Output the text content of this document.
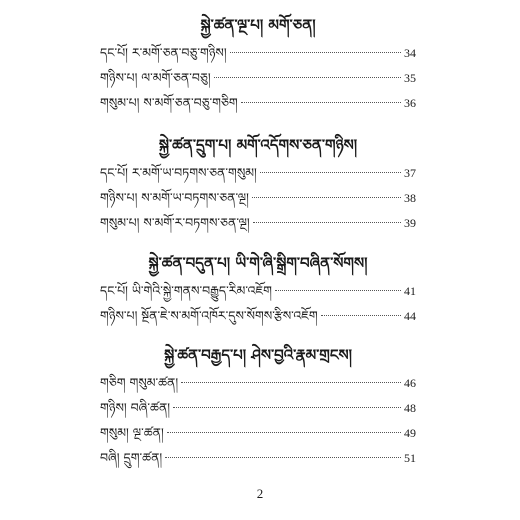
སྐྱེ་ཚན་ལྔ་པ། མགོ་ཅན།
དང་པོ། ར་མགོ་ཅན་བཅུ་གཉིས།	34
གཉིས་པ། ལ་མགོ་ཅན་བཅུ།	35
གསུམ་པ། ས་མགོ་ཅན་བཅུ་གཅིག	36
སྐྱེ་ཚན་དྲུག་པ། མགོ་འདོགས་ཅན་གཉིས།
དང་པོ། ར་མགོ་ཡ་བཏགས་ཅན་གསུམ།	37
གཉིས་པ། ས་མགོ་ཡ་བཏགས་ཅན་ལྔ།	38
གསུམ་པ། ས་མགོ་ར་བཏགས་ཅན་ལྔ།	39
སྐྱེ་ཚན་བདུན་པ། ཡི་གེ་ཞི་སྒྲིག་བཞིན་སོགས།
དང་པོ། ཡི་གེའི་སྐྱེ་གནས་བརྒྱུད་རིམ་འཇོག	41
གཉིས་པ། སྔོན་ཇེ་ས་མགོ་འཁོར་དུས་སོགས་རྩིས་འཇོག	44
སྐྱེ་ཚན་བརྒྱད་པ། ཤེས་བྱའི་རྣམ་གྲངས།
གཅིག གསུམ་ཚན།	46
གཉིས། བཞི་ཚན།	48
གསུམ། ལྔ་ཚན།	49
བཞི། དྲུག་ཚན།	51
2
